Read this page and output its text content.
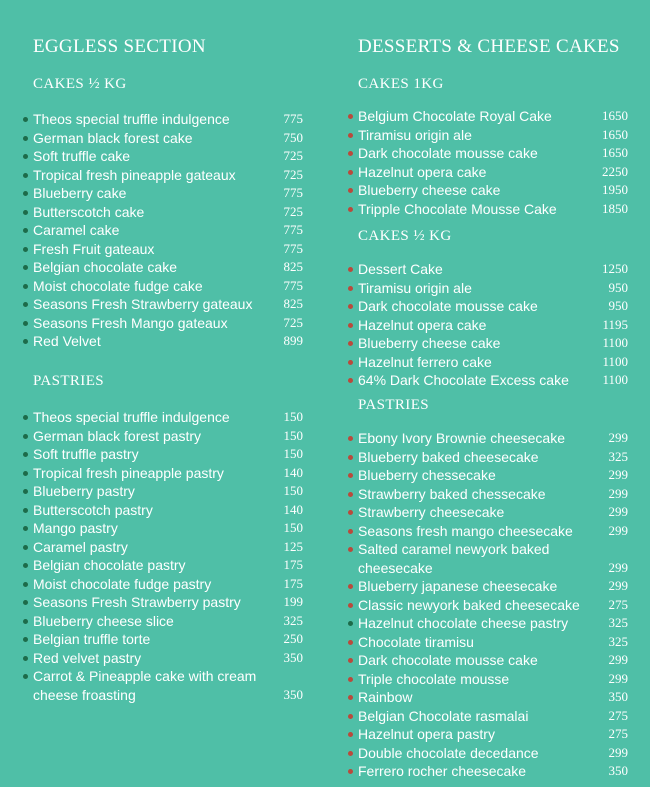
EGGLESS SECTION
CAKES ½ KG
Theos special truffle indulgence	775
German black forest cake	750
Soft truffle cake	725
Tropical fresh pineapple gateaux	725
Blueberry cake	775
Butterscotch cake	725
Caramel cake	775
Fresh Fruit gateaux	775
Belgian chocolate cake	825
Moist chocolate fudge cake	775
Seasons Fresh Strawberry gateaux	825
Seasons Fresh Mango gateaux	725
Red Velvet	899
PASTRIES
Theos special truffle indulgence	150
German black forest pastry	150
Soft truffle pastry	150
Tropical fresh pineapple pastry	140
Blueberry pastry	150
Butterscotch pastry	140
Mango pastry	150
Caramel pastry	125
Belgian chocolate pastry	175
Moist chocolate fudge pastry	175
Seasons Fresh Strawberry pastry	199
Blueberry cheese slice	325
Belgian truffle torte	250
Red velvet pastry	350
Carrot & Pineapple cake with cream cheese froasting	350
DESSERTS & CHEESE CAKES
CAKES 1KG
Belgium Chocolate Royal Cake	1650
Tiramisu origin ale	1650
Dark chocolate mousse cake	1650
Hazelnut opera cake	2250
Blueberry cheese cake	1950
Tripple Chocolate Mousse Cake	1850
CAKES ½ KG
Dessert Cake	1250
Tiramisu origin ale	950
Dark chocolate mousse cake	950
Hazelnut opera cake	1195
Blueberry cheese cake	1100
Hazelnut ferrero cake	1100
64% Dark Chocolate Excess cake	1100
PASTRIES
Ebony Ivory Brownie cheesecake	299
Blueberry baked cheesecake	325
Blueberry chessecake	299
Strawberry baked chessecake	299
Strawberry cheesecake	299
Seasons fresh mango cheesecake	299
Salted caramel newyork baked cheesecake	299
Blueberry japanese cheesecake	299
Classic newyork baked cheesecake	275
Hazelnut chocolate cheese pastry	325
Chocolate tiramisu	325
Dark chocolate mousse cake	299
Triple chocolate mousse	299
Rainbow	350
Belgian Chocolate rasmalai	275
Hazelnut opera pastry	275
Double chocolate decedance	299
Ferrero rocher cheesecake	350
